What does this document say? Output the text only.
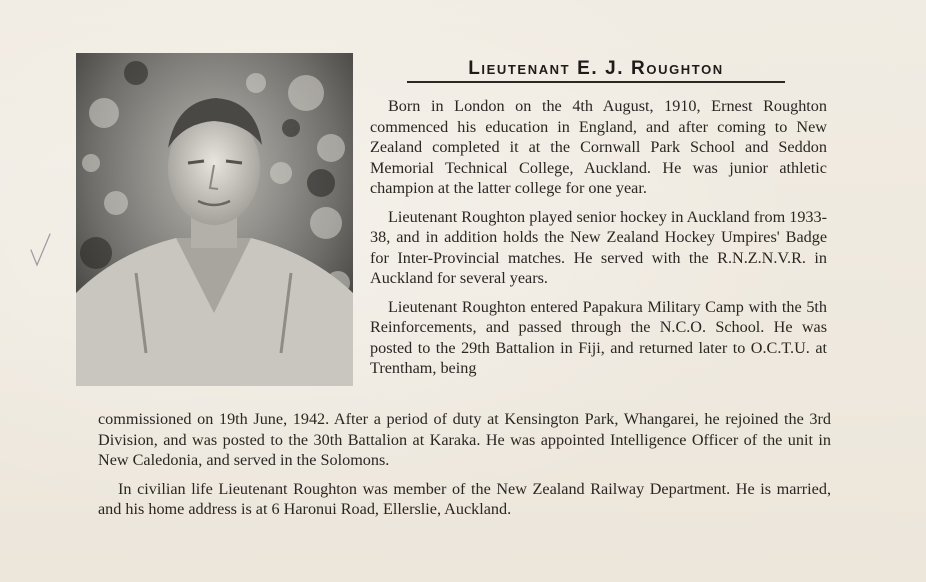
Lieutenant E. J. Roughton

Born in London on the 4th August, 1910, Ernest Roughton commenced his education in England, and after coming to New Zealand completed it at the Cornwall Park School and Seddon Memorial Technical College, Auckland. He was junior athletic champion at the latter college for one year.

Lieutenant Roughton played senior hockey in Auckland from 1933-38, and in addition holds the New Zealand Hockey Umpires' Badge for Inter-Provincial matches. He served with the R.N.Z.N.V.R. in Auckland for several years.

Lieutenant Roughton entered Papakura Military Camp with the 5th Reinforcements, and passed through the N.C.O. School. He was posted to the 29th Battalion in Fiji, and returned later to O.C.T.U. at Trentham, being

commissioned on 19th June, 1942. After a period of duty at Kensington Park, Whangarei, he rejoined the 3rd Division, and was posted to the 30th Battalion at Karaka. He was appointed Intelligence Officer of the unit in New Caledonia, and served in the Solomons.

In civilian life Lieutenant Roughton was member of the New Zealand Railway Department. He is married, and his home address is at 6 Haronui Road, Ellerslie, Auckland.
